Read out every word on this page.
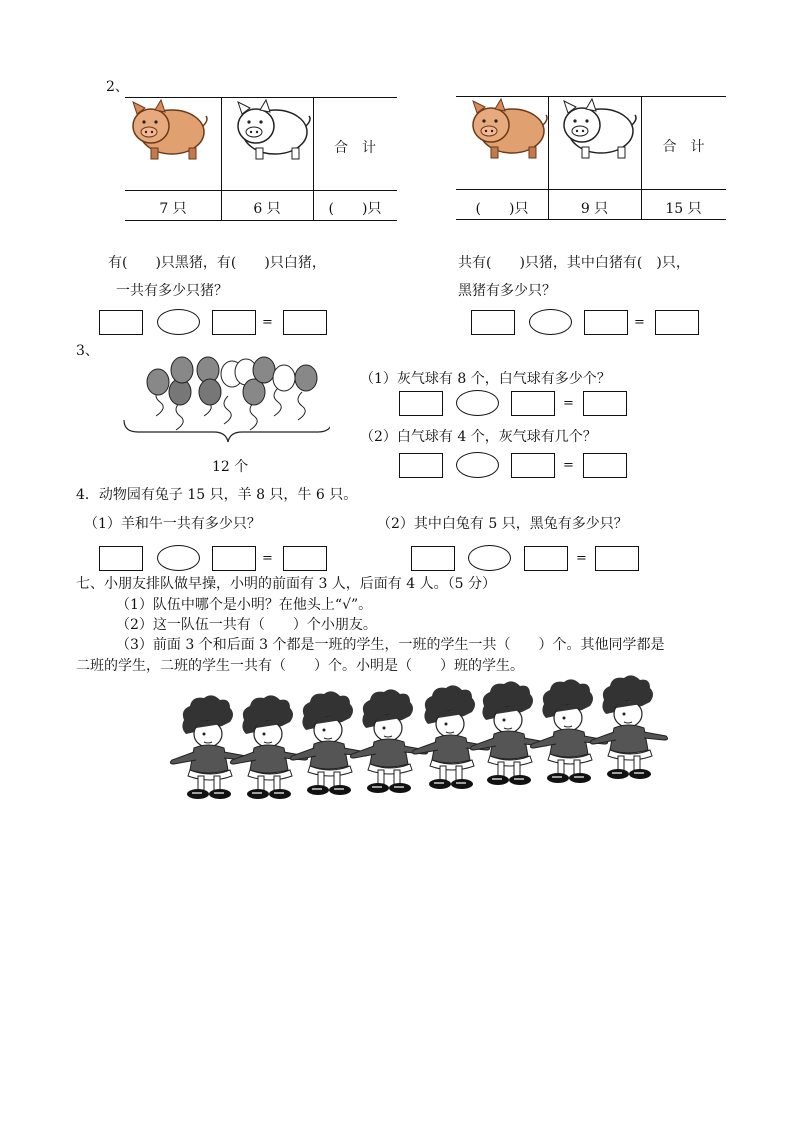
2、
合　计
7 只	6 只	(　　)只
合　计
(　　)只	9 只	15 只
有(　　)只黑猪，有(　　)只白猪，
一共有多少只猪？
共有(　　)只猪，其中白猪有(　)只，
黑猪有多少只？
=	=
3、
12 个
（1）灰气球有 8 个，白气球有多少个？
=
（2）白气球有 4 个，灰气球有几个？
=
4．动物园有兔子 15 只，羊 8 只，牛 6 只。
（1）羊和牛一共有多少只？	（2）其中白兔有 5 只，黑兔有多少只？
=	=
七、小朋友排队做早操，小明的前面有 3 人，后面有 4 人。（5 分）
（1）队伍中哪个是小明？在他头上“√”。
（2）这一队伍一共有（　　）个小朋友。
（3）前面 3 个和后面 3 个都是一班的学生，一班的学生一共（　　）个。其他同学都是
二班的学生，二班的学生一共有（　　）个。小明是（　　）班的学生。
